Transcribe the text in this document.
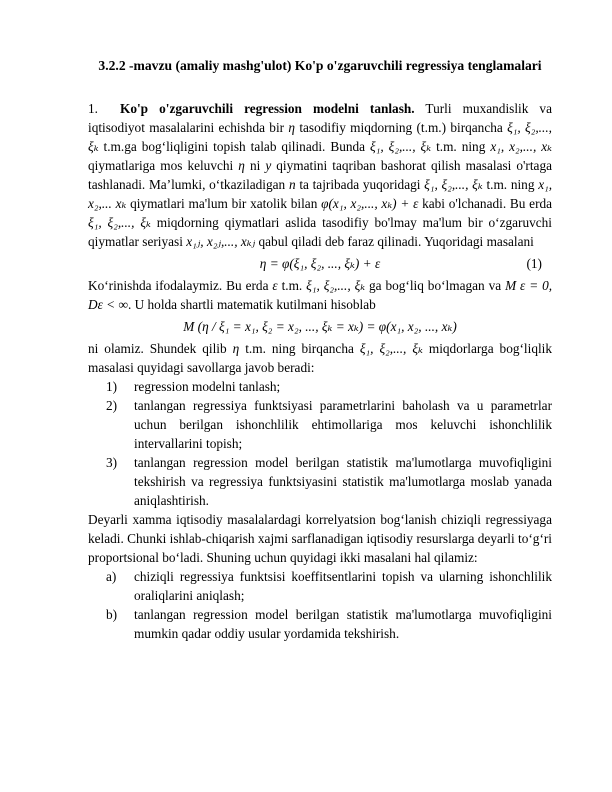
3.2.2 -mavzu (amaliy mashg'ulot) Ko'p o'zgaruvchili regressiya tenglamalari

1. Ko'p o'zgaruvchili regression modelni tanlash. Turli muxandislik va iqtisodiyot masalalarini echishda bir η tasodifiy miqdorning (t.m.) birqancha ξ₁, ξ₂,..., ξₖ t.m.ga bog‘liqligini topish talab qilinadi. Bunda ξ₁, ξ₂,..., ξₖ t.m. ning x₁, x₂,..., xₖ qiymatlariga mos keluvchi η ni y qiymatini taqriban bashorat qilish masalasi o'rtaga tashlanadi. Ma’lumki, o‘tkaziladigan n ta tajribada yuqoridagi ξ₁, ξ₂,..., ξₖ t.m. ning x₁, x₂,... xₖ qiymatlari ma'lum bir xatolik bilan φ(x₁, x₂,..., xₖ) + ε kabi o'lchanadi. Bu erda ξ₁, ξ₂,..., ξₖ miqdorning qiymatlari aslida tasodifiy bo'lmay ma'lum bir o‘zgaruvchi qiymatlar seriyasi x₁ⱼ, x₂ⱼ,..., xₖⱼ qabul qiladi deb faraz qilinadi. Yuqoridagi masalani

η = φ(ξ₁, ξ₂, ..., ξₖ) + ε	(1)

Ko‘rinishda ifodalaymiz. Bu erda ε t.m. ξ₁, ξ₂,..., ξₖ ga bog‘liq bo‘lmagan va M ε = 0, Dε < ∞. U holda shartli matematik kutilmani hisoblab

M (η / ξ₁ = x₁, ξ₂ = x₂, ..., ξₖ = xₖ) = φ(x₁, x₂, ..., xₖ)

ni olamiz. Shundek qilib η t.m. ning birqancha ξ₁, ξ₂,..., ξₖ miqdorlarga bog‘liqlik masalasi quyidagi savollarga javob beradi:

regression modelni tanlash;
tanlangan regressiya funktsiyasi parametrlarini baholash va u parametrlar uchun berilgan ishonchlilik ehtimollariga mos keluvchi ishonchlilik intervallarini topish;
tanlangan regression model berilgan statistik ma'lumotlarga muvofiqligini tekshirish va regressiya funktsiyasini statistik ma'lumotlarga moslab yanada aniqlashtirish.

Deyarli xamma iqtisodiy masalalardagi korrelyatsion bog‘lanish chiziqli regressiyaga keladi. Chunki ishlab-chiqarish xajmi sarflanadigan iqtisodiy resurslarga deyarli to‘g‘ri proportsional bo‘ladi. Shuning uchun quyidagi ikki masalani hal qilamiz:

chiziqli regressiya funktsisi koeffitsentlarini topish va ularning ishonchlilik oraliqlarini aniqlash;
tanlangan regression model berilgan statistik ma'lumotlarga muvofiqligini mumkin qadar oddiy usular yordamida tekshirish.
